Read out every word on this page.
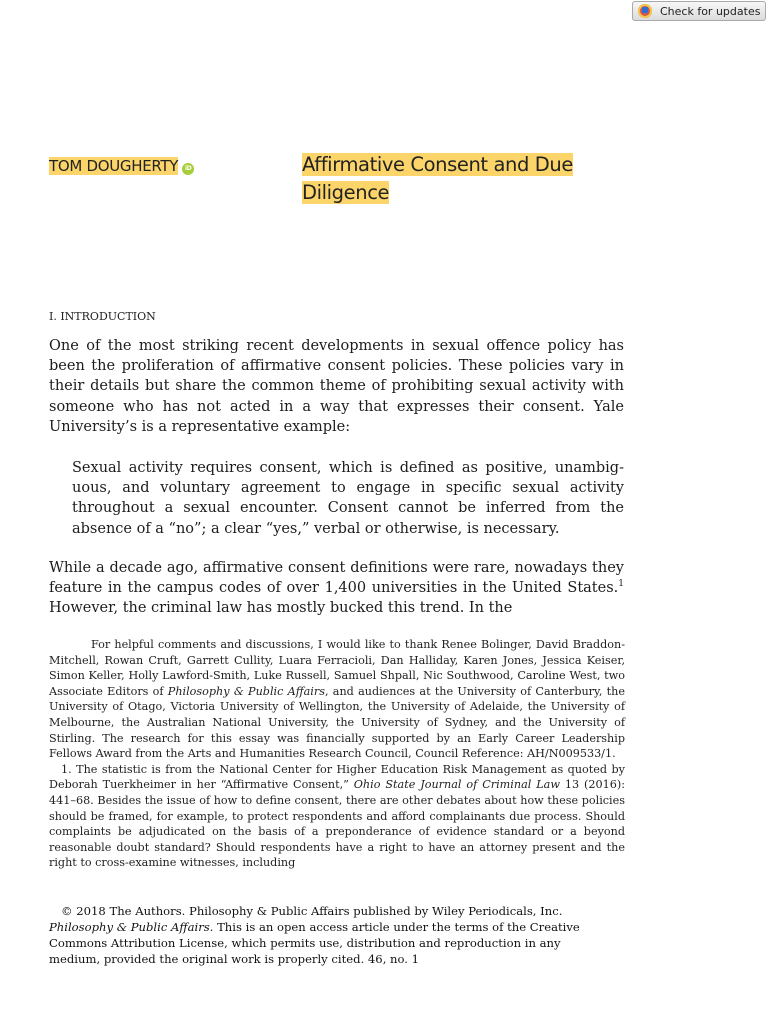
Check for updates
TOM DOUGHERTY iD	Affirmative Consent and Due
Diligence
I. INTRODUCTION
One of the most striking recent developments in sexual offence policy has been the proliferation of affirmative consent policies. These policies vary in their details but share the common theme of prohibiting sexual activity with someone who has not acted in a way that expresses their consent. Yale University’s is a representative example:
Sexual activity requires consent, which is defined as positive, unambiguous, and voluntary agreement to engage in specific sexual activity throughout a sexual encounter. Consent cannot be inferred from the absence of a “no”; a clear “yes,” verbal or otherwise, is necessary.
While a decade ago, affirmative consent definitions were rare, nowadays they feature in the campus codes of over 1,400 universities in the United States.$^1$ However, the criminal law has mostly bucked this trend. In the

For helpful comments and discussions, I would like to thank Renee Bolinger, David Braddon-Mitchell, Rowan Cruft, Garrett Cullity, Luara Ferracioli, Dan Halliday, Karen Jones, Jessica Keiser, Simon Keller, Holly Lawford-Smith, Luke Russell, Samuel Shpall, Nic Southwood, Caroline West, two Associate Editors of Philosophy & Public Affairs, and audiences at the University of Canterbury, the University of Otago, Victoria University of Wellington, the University of Adelaide, the University of Melbourne, the Australian National University, the University of Sydney, and the University of Stirling. The research for this essay was financially supported by an Early Career Leadership Fellows Award from the Arts and Humanities Research Council, Council Reference: AH/N009533/1.

1. The statistic is from the National Center for Higher Education Risk Management as quoted by Deborah Tuerkheimer in her “Affirmative Consent,” Ohio State Journal of Criminal Law 13 (2016): 441–68. Besides the issue of how to define consent, there are other debates about how these policies should be framed, for example, to protect respondents and afford complainants due process. Should complaints be adjudicated on the basis of a preponderance of evidence standard or a beyond reasonable doubt standard? Should respondents have a right to have an attorney present and the right to cross-examine witnesses, including

© 2018 The Authors. Philosophy & Public Affairs published by Wiley Periodicals, Inc.

Philosophy & Public Affairs. This is an open access article under the terms of the Creative Commons Attribution License, which permits use, distribution and reproduction in any medium, provided the original work is properly cited. 46, no. 1
